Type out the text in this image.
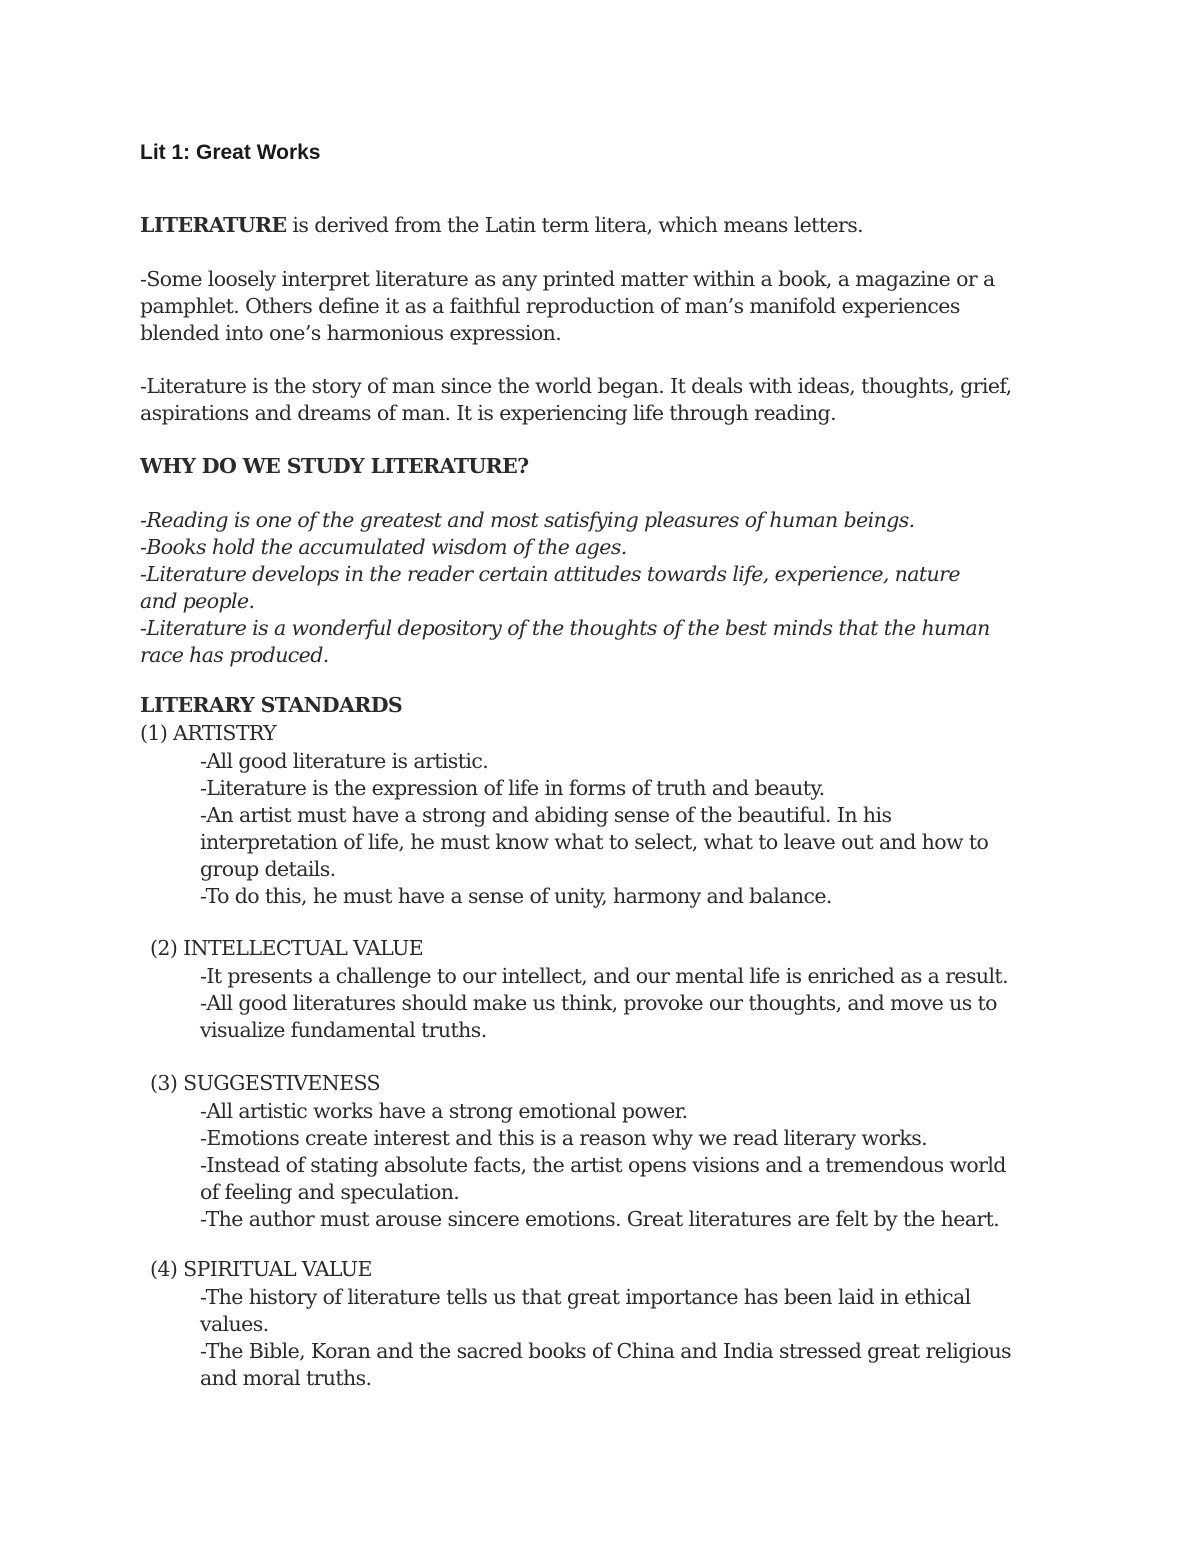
Lit 1: Great Works
LITERATURE is derived from the Latin term litera, which means letters.
-Some loosely interpret literature as any printed matter within a book, a magazine or a
pamphlet. Others define it as a faithful reproduction of man’s manifold experiences
blended into one’s harmonious expression.
-Literature is the story of man since the world began. It deals with ideas, thoughts, grief,
aspirations and dreams of man. It is experiencing life through reading.
WHY DO WE STUDY LITERATURE?
-Reading is one of the greatest and most satisfying pleasures of human beings.
-Books hold the accumulated wisdom of the ages.
-Literature develops in the reader certain attitudes towards life, experience, nature
and people.
-Literature is a wonderful depository of the thoughts of the best minds that the human
race has produced.
LITERARY STANDARDS
(1) ARTISTRY
-All good literature is artistic.
-Literature is the expression of life in forms of truth and beauty.
-An artist must have a strong and abiding sense of the beautiful. In his
interpretation of life, he must know what to select, what to leave out and how to
group details.
-To do this, he must have a sense of unity, harmony and balance.
(2) INTELLECTUAL VALUE
-It presents a challenge to our intellect, and our mental life is enriched as a result.
-All good literatures should make us think, provoke our thoughts, and move us to
visualize fundamental truths.
(3) SUGGESTIVENESS
-All artistic works have a strong emotional power.
-Emotions create interest and this is a reason why we read literary works.
-Instead of stating absolute facts, the artist opens visions and a tremendous world
of feeling and speculation.
-The author must arouse sincere emotions. Great literatures are felt by the heart.
(4) SPIRITUAL VALUE
-The history of literature tells us that great importance has been laid in ethical
values.
-The Bible, Koran and the sacred books of China and India stressed great religious
and moral truths.
